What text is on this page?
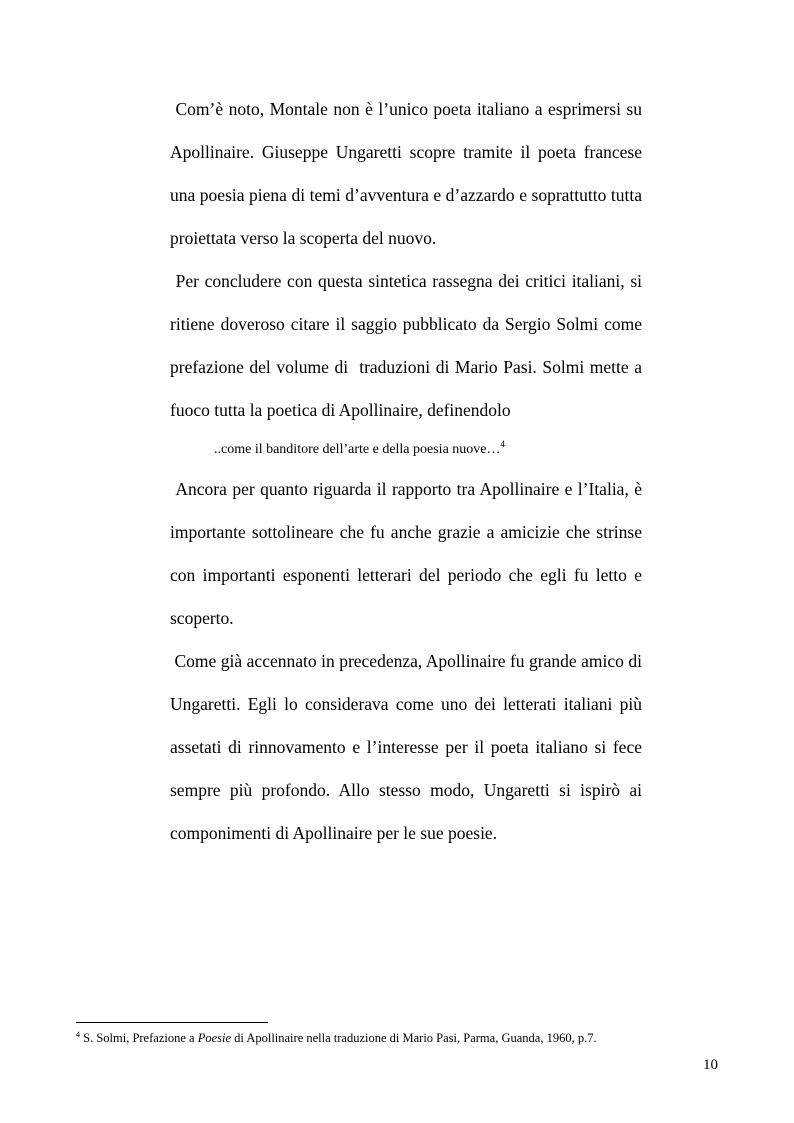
Com’è noto, Montale non è l’unico poeta italiano a esprimersi su Apollinaire. Giuseppe Ungaretti scopre tramite il poeta francese una poesia piena di temi d’avventura e d’azzardo e soprattutto tutta proiettata verso la scoperta del nuovo.

Per concludere con questa sintetica rassegna dei critici italiani, si ritiene doveroso citare il saggio pubblicato da Sergio Solmi come prefazione del volume di  traduzioni di Mario Pasi. Solmi mette a fuoco tutta la poetica di Apollinaire, definendolo

..come il banditore dell’arte e della poesia nuove…$^4$

Ancora per quanto riguarda il rapporto tra Apollinaire e l’Italia, è importante sottolineare che fu anche grazie a amicizie che strinse con importanti esponenti letterari del periodo che egli fu letto e scoperto.

Come già accennato in precedenza, Apollinaire fu grande amico di Ungaretti. Egli lo considerava come uno dei letterati italiani più assetati di rinnovamento e l’interesse per il poeta italiano si fece sempre più profondo. Allo stesso modo, Ungaretti si ispirò ai componimenti di Apollinaire per le sue poesie.

$^4$ S. Solmi, Prefazione a Poesie di Apollinaire nella traduzione di Mario Pasi, Parma, Guanda, 1960, p.7.
10
